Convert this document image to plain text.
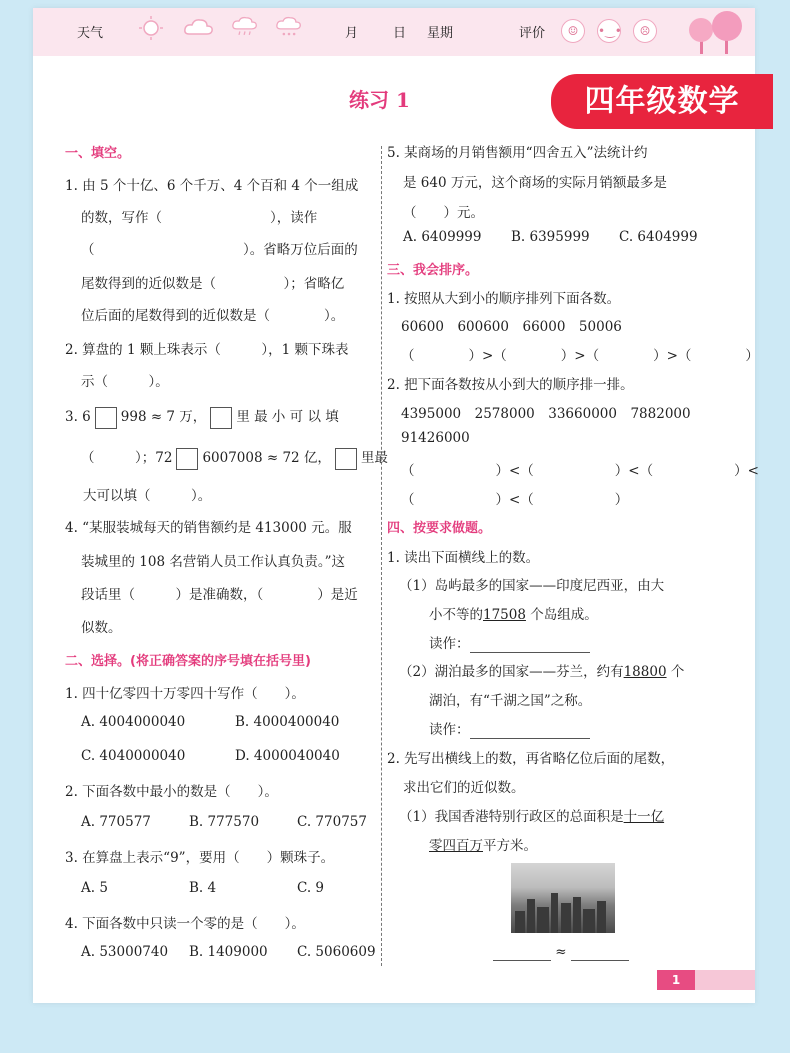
天气	月	日 星期	评价	☺	•‿•	☹
练习 1	四年级数学
一、填空。
1. 由 5 个十亿、6 个千万、4 个百和 4 个一组成
的数，写作（　　　　　　　　），读作
（　　　　　　　　　　　）。省略万位后面的
尾数得到的近似数是（　　　　　）；省略亿
位后面的尾数得到的近似数是（　　　　）。
2. 算盘的 1 颗上珠表示（　　　），1 颗下珠表
示（　　　）。
3. 6 998 ≈ 7 万， 里 最 小 可 以 填
（　　　）；72 6007008 ≈ 72 亿， 里最
大可以填（　　　）。
4. “某服装城每天的销售额约是 413000 元。服
装城里的 108 名营销人员工作认真负责。”这
段话里（　　　）是准确数，（　　　　）是近
似数。
二、选择。(将正确答案的序号填在括号里)
1. 四十亿零四十万零四十写作（　　）。
A. 4004000040	B. 4000400040
C. 4040000040	D. 4000040040
2. 下面各数中最小的数是（　　）。
A. 770577	B. 777570	C. 770757
3. 在算盘上表示“9”，要用（　　）颗珠子。
A. 5	B. 4	C. 9
4. 下面各数中只读一个零的是（　　）。
A. 53000740 B. 1409000 C. 5060609
5. 某商场的月销售额用“四舍五入”法统计约
是 640 万元，这个商场的实际月销额最多是
（　　）元。
A. 6409999 B. 6395999 C. 6404999
三、我会排序。
1. 按照从大到小的顺序排列下面各数。
60600　600600　66000　50006
（　　　　）>（　　　　）>（　　　　）>（　　　　）
2. 把下面各数按从小到大的顺序排一排。
4395000　2578000　33660000　7882000
91426000
（　　　　　　）<（　　　　　　）<（　　　　　　）<
（　　　　　　）<（　　　　　　）
四、按要求做题。
1. 读出下面横线上的数。
（1）岛屿最多的国家——印度尼西亚，由大
小不等的17508 个岛组成。
读作：
（2）湖泊最多的国家——芬兰，约有18800 个
湖泊，有“千湖之国”之称。
读作：
2. 先写出横线上的数，再省略亿位后面的尾数，
求出它们的近似数。
（1）我国香港特别行政区的总面积是十一亿
零四百万平方米。
≈
1
